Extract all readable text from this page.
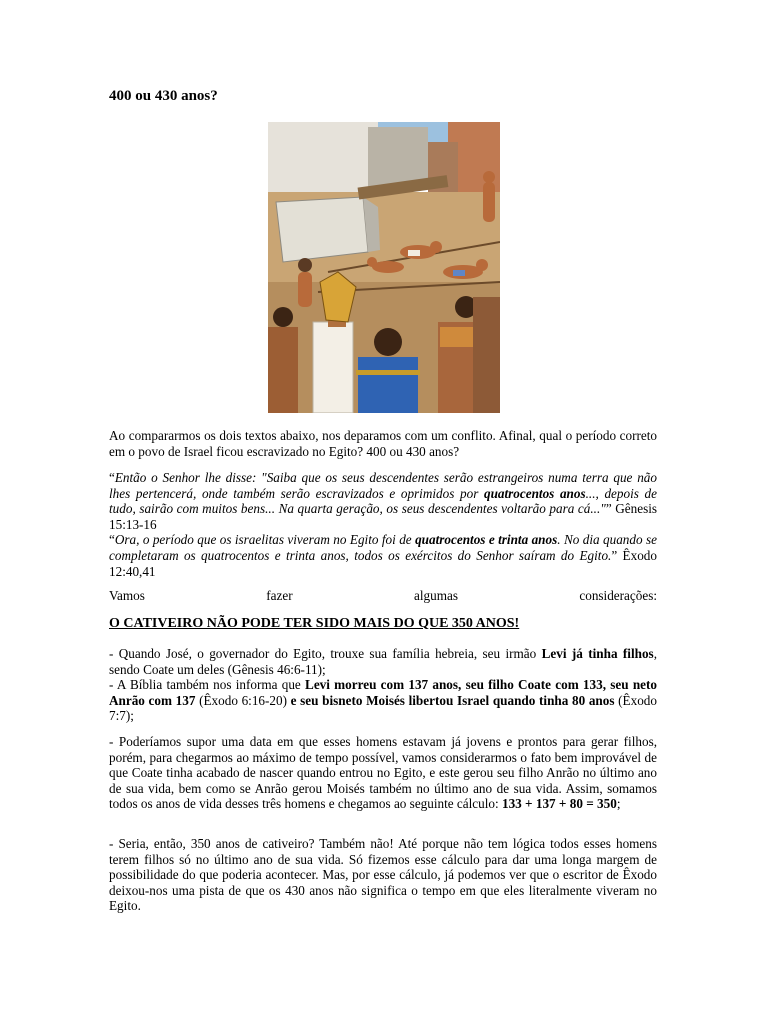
400 ou 430 anos?
Ao compararmos os dois textos abaixo, nos deparamos com um conflito. Afinal, qual o período correto em o povo de Israel ficou escravizado no Egito? 400 ou 430 anos?
“Então o Senhor lhe disse: "Saiba que os seus descendentes serão estrangeiros numa terra que não lhes pertencerá, onde também serão escravizados e oprimidos por quatrocentos anos..., depois de tudo, sairão com muitos bens... Na quarta geração, os seus descendentes voltarão para cá..."” Gênesis 15:13-16
“Ora, o período que os israelitas viveram no Egito foi de quatrocentos e trinta anos. No dia quando se completaram os quatrocentos e trinta anos, todos os exércitos do Senhor saíram do Egito.” Êxodo 12:40,41
Vamos fazer algumas considerações:
O CATIVEIRO NÃO PODE TER SIDO MAIS DO QUE 350 ANOS!
- Quando José, o governador do Egito, trouxe sua família hebreia, seu irmão Levi já tinha filhos, sendo Coate um deles (Gênesis 46:6-11);
- A Bíblia também nos informa que Levi morreu com 137 anos, seu filho Coate com 133, seu neto Anrão com 137 (Êxodo 6:16-20) e seu bisneto Moisés libertou Israel quando tinha 80 anos (Êxodo 7:7);
- Poderíamos supor uma data em que esses homens estavam já jovens e prontos para gerar filhos, porém, para chegarmos ao máximo de tempo possível, vamos considerarmos o fato bem improvável de que Coate tinha acabado de nascer quando entrou no Egito, e este gerou seu filho Anrão no último ano de sua vida, bem como se Anrão gerou Moisés também no último ano de sua vida. Assim, somamos todos os anos de vida desses três homens e chegamos ao seguinte cálculo: 133 + 137 + 80 = 350;
- Seria, então, 350 anos de cativeiro? Também não! Até porque não tem lógica todos esses homens terem filhos só no último ano de sua vida. Só fizemos esse cálculo para dar uma longa margem de possibilidade do que poderia acontecer. Mas, por esse cálculo, já podemos ver que o escritor de Êxodo deixou-nos uma pista de que os 430 anos não significa o tempo em que eles literalmente viveram no Egito.
